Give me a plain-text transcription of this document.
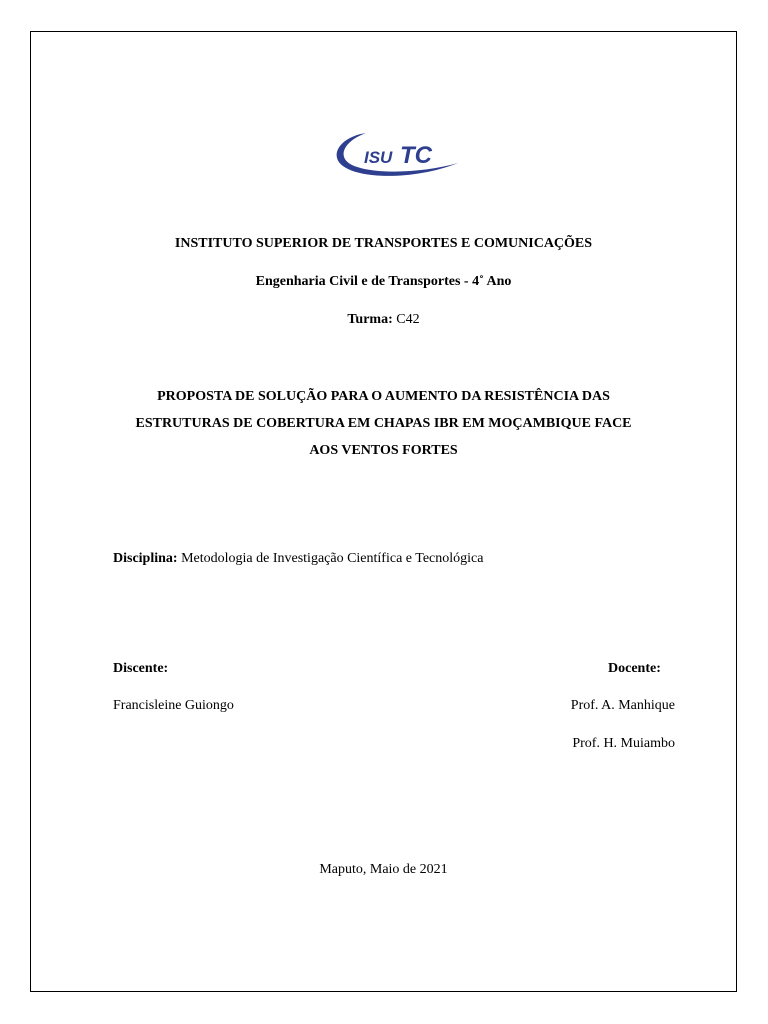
ISU TC
INSTITUTO SUPERIOR DE TRANSPORTES E COMUNICAÇÕES
Engenharia Civil e de Transportes - 4˚ Ano
Turma: C42
PROPOSTA DE SOLUÇÃO PARA O AUMENTO DA RESISTÊNCIA DAS
ESTRUTURAS DE COBERTURA EM CHAPAS IBR EM MOÇAMBIQUE FACE
AOS VENTOS FORTES
Disciplina: Metodologia de Investigação Científica e Tecnológica
Discente:
Francisleine Guiongo
Docente:
Prof. A. Manhique
Prof. H. Muiambo
Maputo, Maio de 2021
